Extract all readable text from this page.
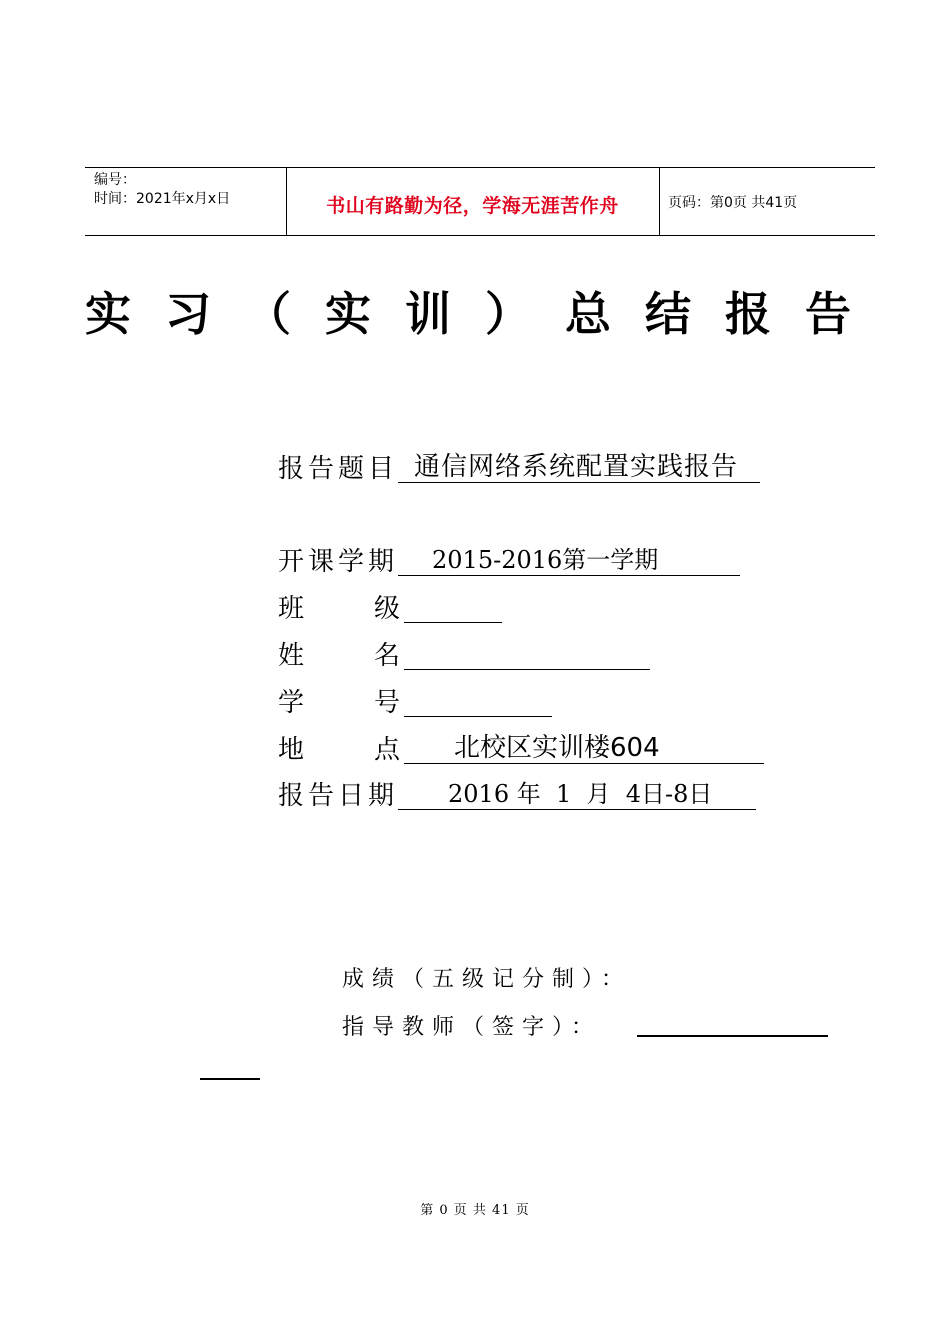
编号：
时间：2021年x月x日	书山有路勤为径，学海无涯苦作舟	页码：第0页 共41页
实习（实训）总结报告
报告题目 通信网络系统配置实践报告
开课学期 2015-2016第一学期
班	级
姓	名
学	号
地	点 北校区实训楼604
报告日期 2016 年  1  月  4日-8日
成绩（五级记分制）：
指导教师（签字）：
第 0 页 共 41 页
